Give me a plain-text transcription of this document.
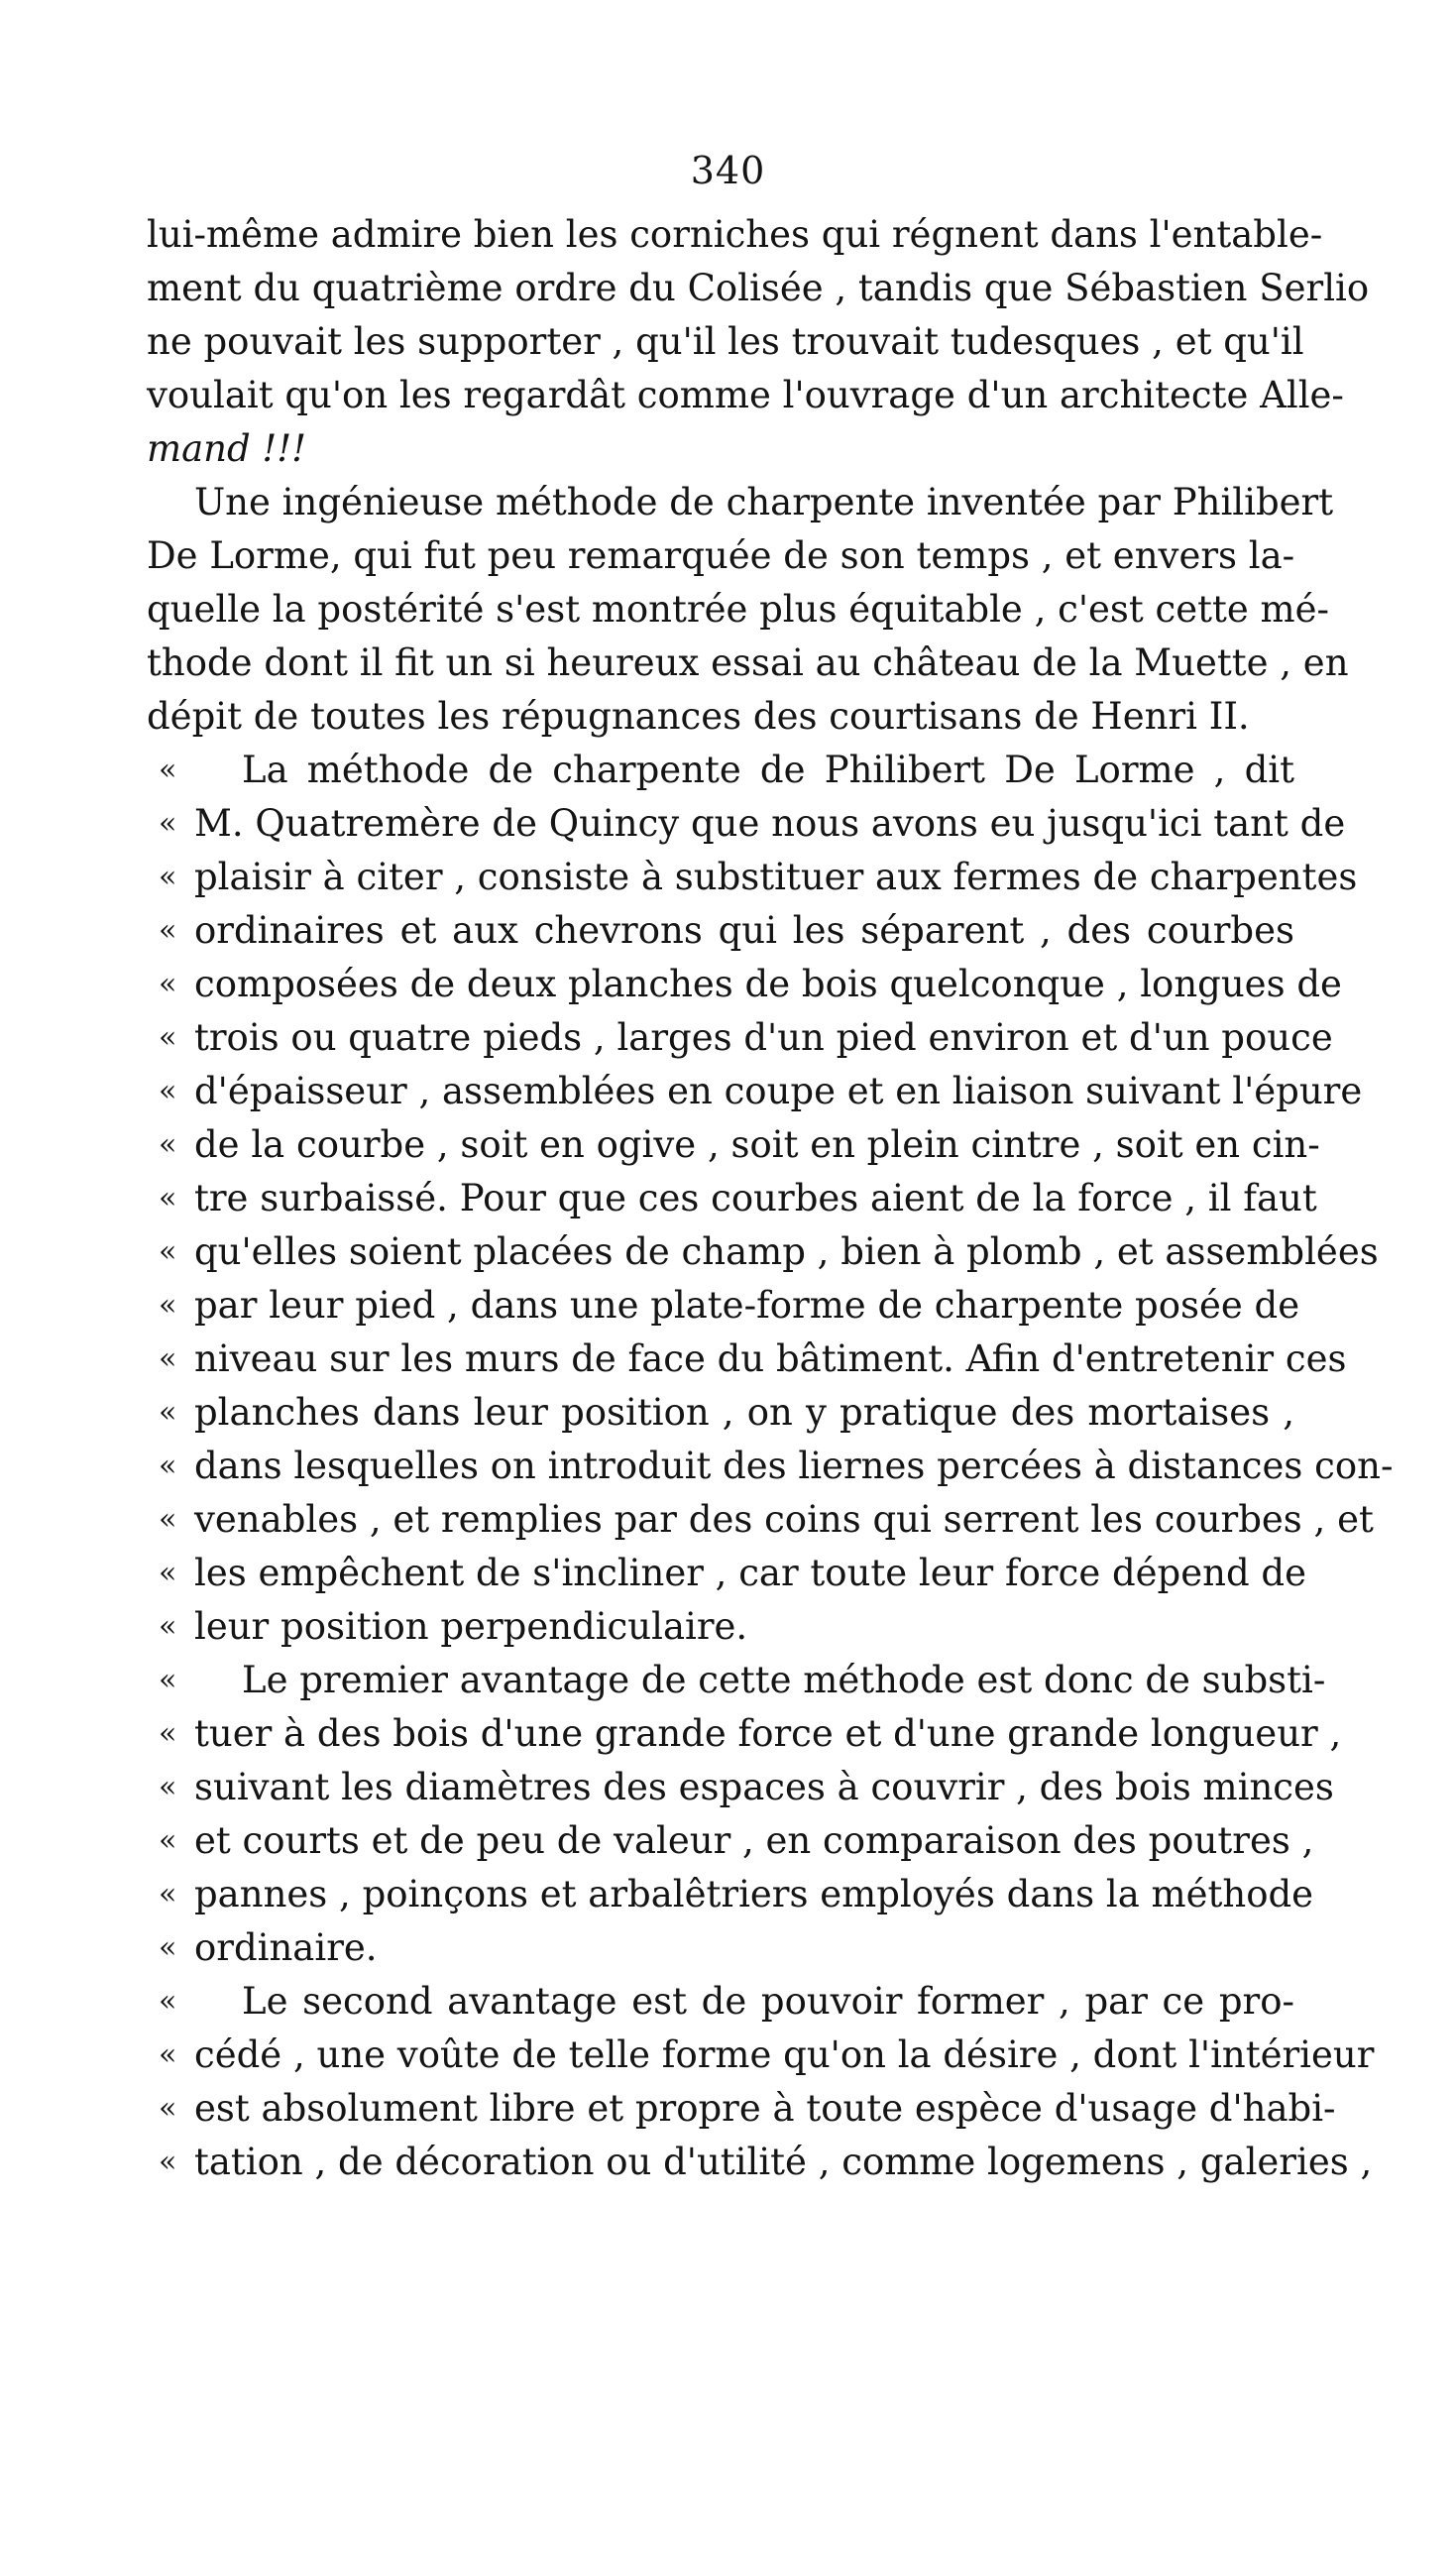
340
lui-même admire bien les corniches qui régnent dans l'entable-
ment du quatrième ordre du Colisée , tandis que Sébastien Serlio
ne pouvait les supporter , qu'il les trouvait tudesques , et qu'il
voulait qu'on les regardât comme l'ouvrage d'un architecte Alle-
mand !!!
Une ingénieuse méthode de charpente inventée par Philibert
De Lorme, qui fut peu remarquée de son temps , et envers la-
quelle la postérité s'est montrée plus équitable , c'est cette mé-
thode dont il fit un si heureux essai au château de la Muette , en
dépit de toutes les répugnances des courtisans de Henri II.
«	La méthode de charpente de Philibert De Lorme , dit
« M. Quatremère de Quincy que nous avons eu jusqu'ici tant de
« plaisir à citer , consiste à substituer aux fermes de charpentes
« ordinaires et aux chevrons qui les séparent , des courbes
« composées de deux planches de bois quelconque , longues de
« trois ou quatre pieds , larges d'un pied environ et d'un pouce
« d'épaisseur , assemblées en coupe et en liaison suivant l'épure
« de la courbe , soit en ogive , soit en plein cintre , soit en cin-
« tre surbaissé. Pour que ces courbes aient de la force , il faut
« qu'elles soient placées de champ , bien à plomb , et assemblées
« par leur pied , dans une plate-forme de charpente posée de
« niveau sur les murs de face du bâtiment. Afin d'entretenir ces
« planches dans leur position , on y pratique des mortaises ,
« dans lesquelles on introduit des liernes percées à distances con-
« venables , et remplies par des coins qui serrent les courbes , et
« les empêchent de s'incliner , car toute leur force dépend de
« leur position perpendiculaire.
«	Le premier avantage de cette méthode est donc de substi-
« tuer à des bois d'une grande force et d'une grande longueur ,
« suivant les diamètres des espaces à couvrir , des bois minces
« et courts et de peu de valeur , en comparaison des poutres ,
« pannes , poinçons et arbalêtriers employés dans la méthode
« ordinaire.
«	Le second avantage est de pouvoir former , par ce pro-
« cédé , une voûte de telle forme qu'on la désire , dont l'intérieur
« est absolument libre et propre à toute espèce d'usage d'habi-
« tation , de décoration ou d'utilité , comme logemens , galeries ,
